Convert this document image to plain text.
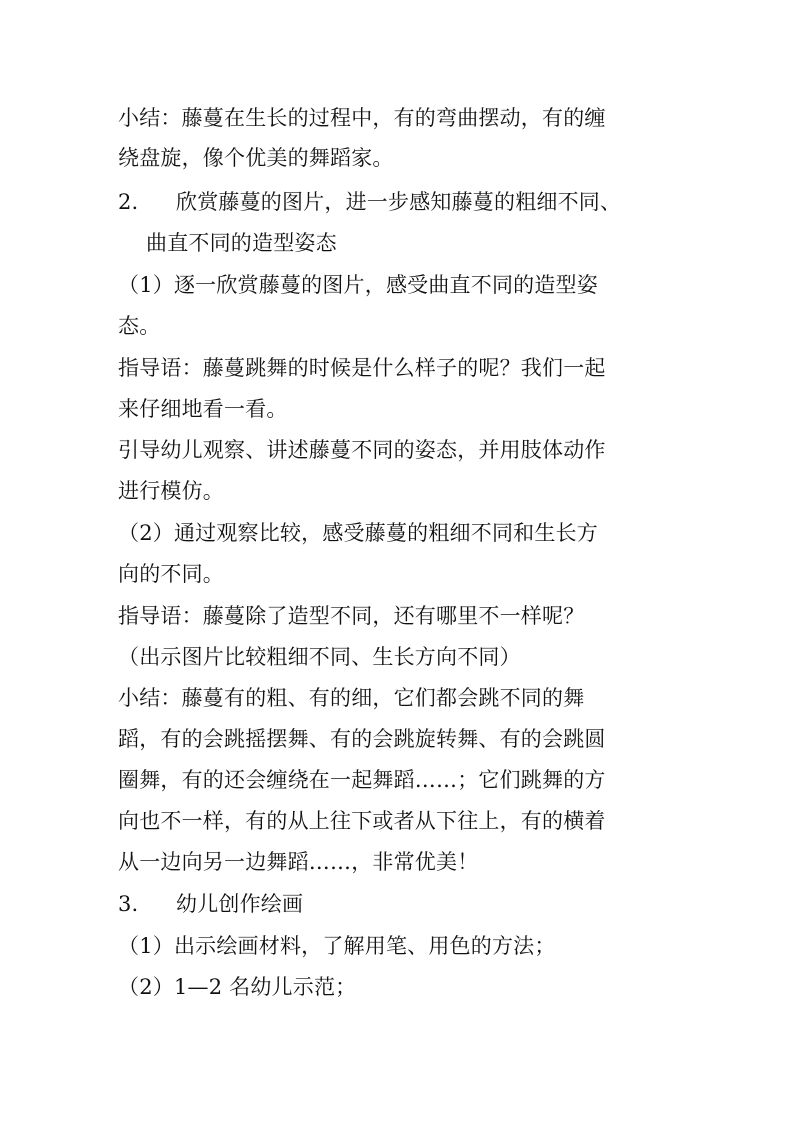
小结：藤蔓在生长的过程中，有的弯曲摆动，有的缠
绕盘旋，像个优美的舞蹈家。
2. 欣赏藤蔓的图片，进一步感知藤蔓的粗细不同、
曲直不同的造型姿态
（1）逐一欣赏藤蔓的图片，感受曲直不同的造型姿
态。
指导语：藤蔓跳舞的时候是什么样子的呢？我们一起
来仔细地看一看。
引导幼儿观察、讲述藤蔓不同的姿态，并用肢体动作
进行模仿。
（2）通过观察比较，感受藤蔓的粗细不同和生长方
向的不同。
指导语：藤蔓除了造型不同，还有哪里不一样呢？
（出示图片比较粗细不同、生长方向不同）
小结：藤蔓有的粗、有的细，它们都会跳不同的舞
蹈，有的会跳摇摆舞、有的会跳旋转舞、有的会跳圆
圈舞，有的还会缠绕在一起舞蹈……；它们跳舞的方
向也不一样，有的从上往下或者从下往上，有的横着
从一边向另一边舞蹈……，非常优美！
3. 幼儿创作绘画
（1）出示绘画材料，了解用笔、用色的方法；
（2）1—2 名幼儿示范；
